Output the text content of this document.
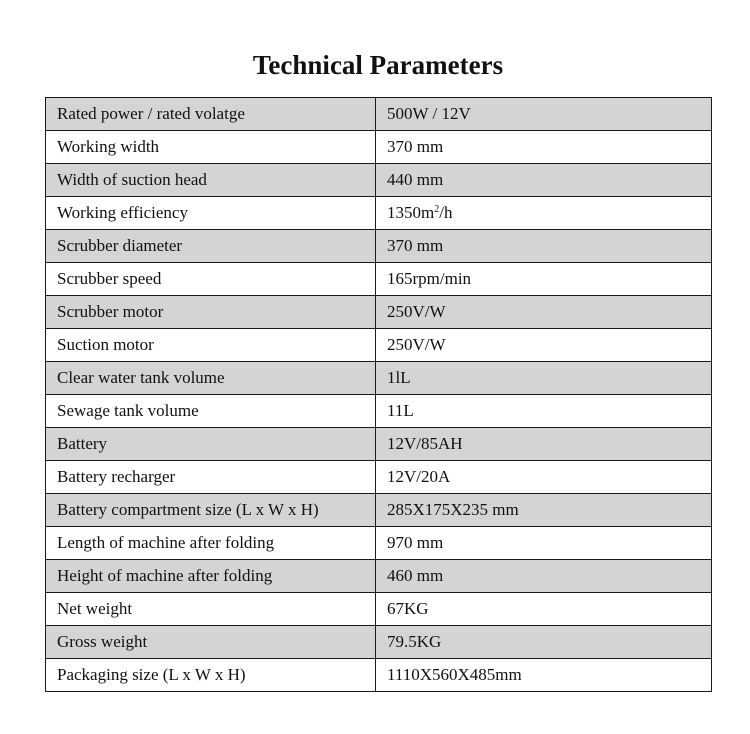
Technical Parameters
Rated power / rated volatge	500W / 12V
Working width	370 mm
Width of suction head	440 mm
Working efficiency	$1350m^2/h$
Scrubber diameter	370 mm
Scrubber speed	165rpm/min
Scrubber motor	250V/W
Suction motor	250V/W
Clear water tank volume	1lL
Sewage tank volume	11L
Battery	12V/85AH
Battery recharger	12V/20A
Battery compartment size (L x W x H)	285X175X235 mm
Length of machine after folding	970 mm
Height of machine after folding	460 mm
Net weight	67KG
Gross weight	79.5KG
Packaging size (L x W x H)	1110X560X485mm
